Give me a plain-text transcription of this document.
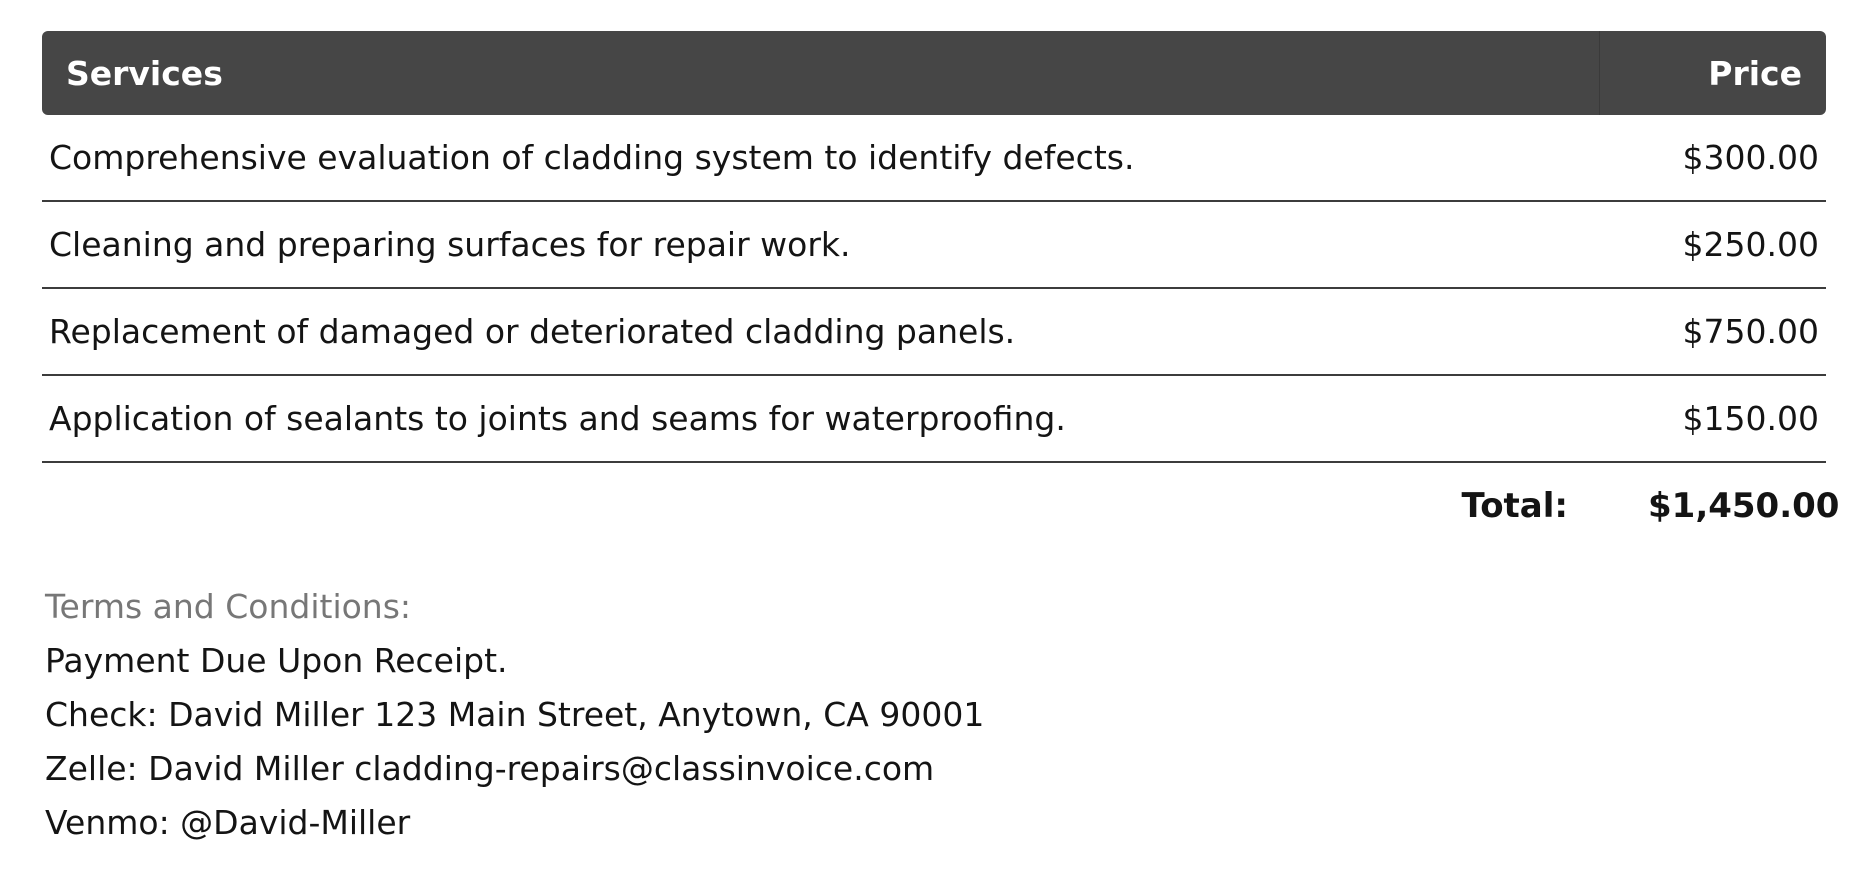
Services	Price
Comprehensive evaluation of cladding system to identify defects.	$300.00
Cleaning and preparing surfaces for repair work.	$250.00
Replacement of damaged or deteriorated cladding panels.	$750.00
Application of sealants to joints and seams for waterproofing.	$150.00
Total: $1,450.00
Terms and Conditions:
Payment Due Upon Receipt.
Check: David Miller 123 Main Street, Anytown, CA 90001
Zelle: David Miller cladding-repairs@classinvoice.com
Venmo: @David-Miller
